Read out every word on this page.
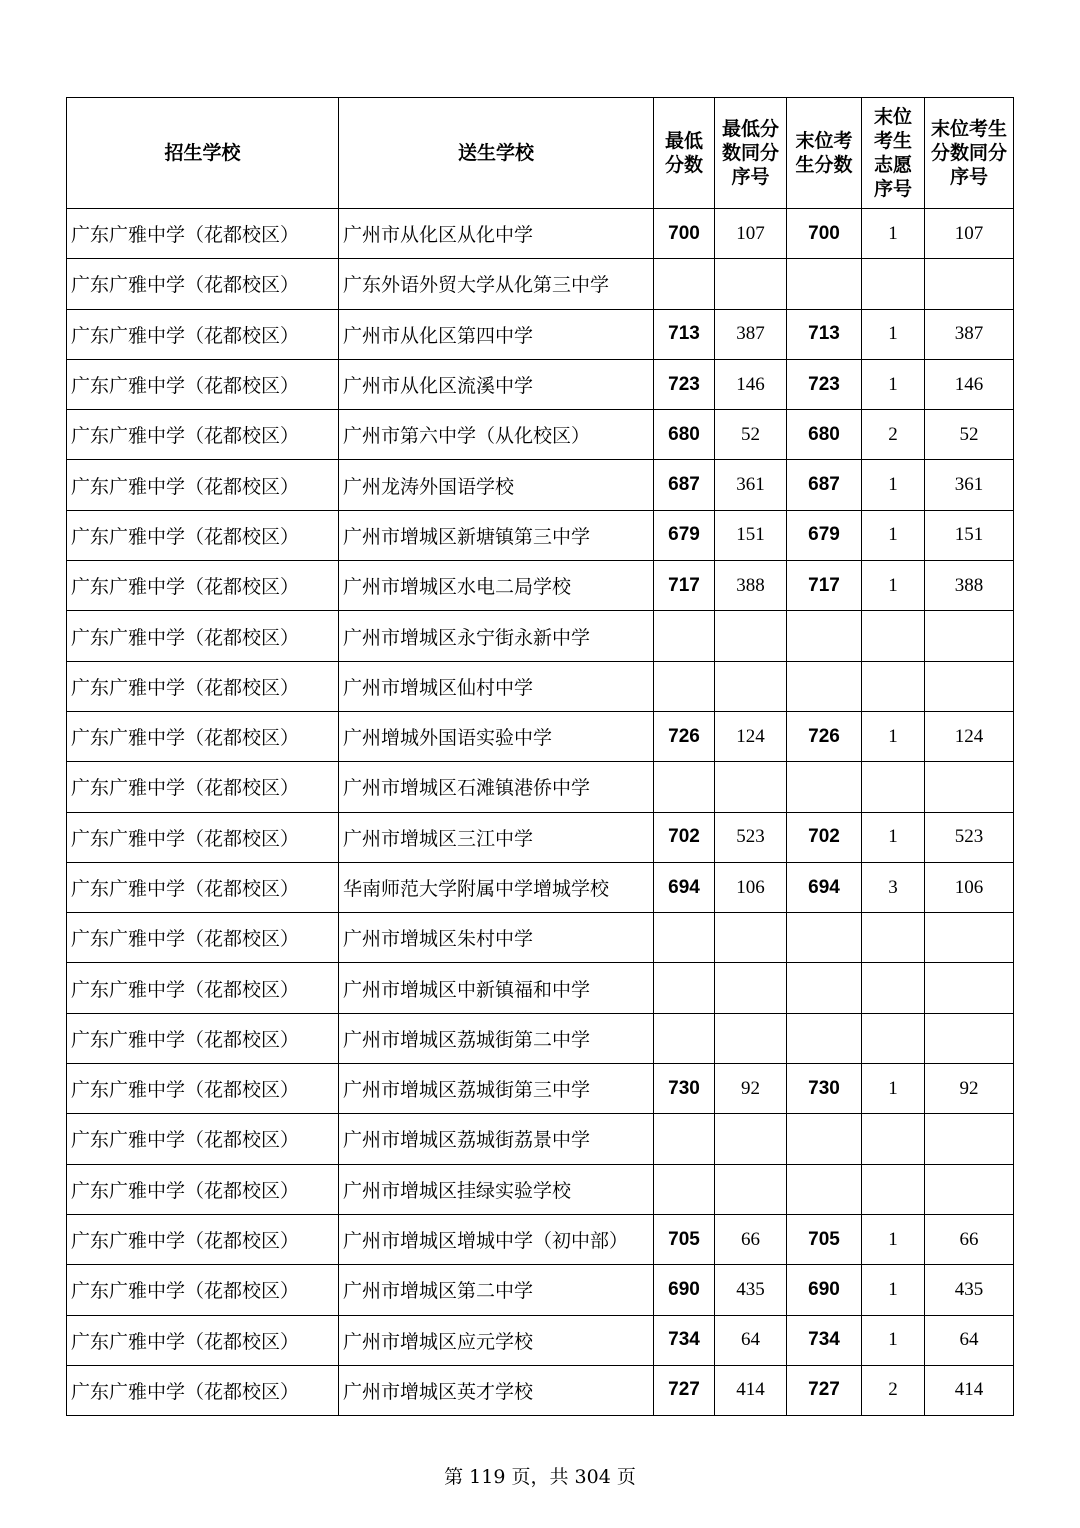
招生学校	送生学校	最低分数	最低分数同分序号	末位考生分数	末位考生志愿序号	末位考生分数同分序号
广东广雅中学（花都校区）	广州市从化区从化中学	700	107	700	1	107
广东广雅中学（花都校区）	广东外语外贸大学从化第三中学					
广东广雅中学（花都校区）	广州市从化区第四中学	713	387	713	1	387
广东广雅中学（花都校区）	广州市从化区流溪中学	723	146	723	1	146
广东广雅中学（花都校区）	广州市第六中学（从化校区）	680	52	680	2	52
广东广雅中学（花都校区）	广州龙涛外国语学校	687	361	687	1	361
广东广雅中学（花都校区）	广州市增城区新塘镇第三中学	679	151	679	1	151
广东广雅中学（花都校区）	广州市增城区水电二局学校	717	388	717	1	388
广东广雅中学（花都校区）	广州市增城区永宁街永新中学					
广东广雅中学（花都校区）	广州市增城区仙村中学					
广东广雅中学（花都校区）	广州增城外国语实验中学	726	124	726	1	124
广东广雅中学（花都校区）	广州市增城区石滩镇港侨中学					
广东广雅中学（花都校区）	广州市增城区三江中学	702	523	702	1	523
广东广雅中学（花都校区）	华南师范大学附属中学增城学校	694	106	694	3	106
广东广雅中学（花都校区）	广州市增城区朱村中学					
广东广雅中学（花都校区）	广州市增城区中新镇福和中学					
广东广雅中学（花都校区）	广州市增城区荔城街第二中学					
广东广雅中学（花都校区）	广州市增城区荔城街第三中学	730	92	730	1	92
广东广雅中学（花都校区）	广州市增城区荔城街荔景中学					
广东广雅中学（花都校区）	广州市增城区挂绿实验学校					
广东广雅中学（花都校区）	广州市增城区增城中学（初中部）	705	66	705	1	66
广东广雅中学（花都校区）	广州市增城区第二中学	690	435	690	1	435
广东广雅中学（花都校区）	广州市增城区应元学校	734	64	734	1	64
广东广雅中学（花都校区）	广州市增城区英才学校	727	414	727	2	414
第 119 页，共 304 页
